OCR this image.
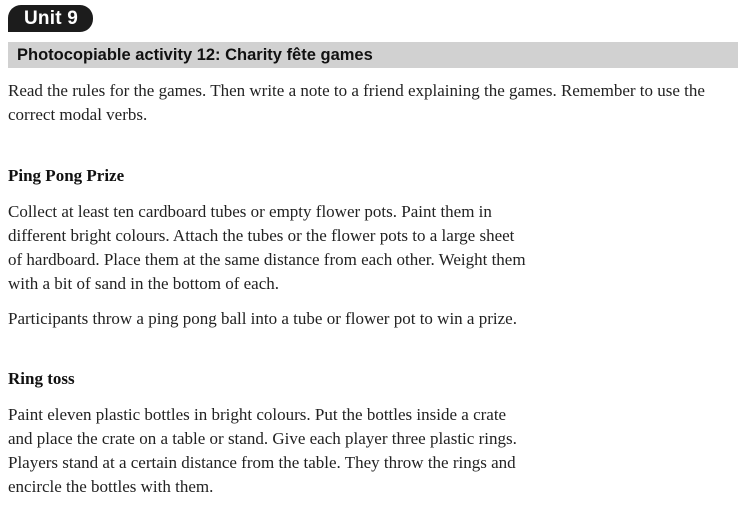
Unit 9
Photocopiable activity 12: Charity fête games

Read the rules for the games. Then write a note to a friend explaining the games. Remember to use the correct modal verbs.

Ping Pong Prize

Collect at least ten cardboard tubes or empty flower pots. Paint them in different bright colours. Attach the tubes or the flower pots to a large sheet of hardboard. Place them at the same distance from each other. Weight them with a bit of sand in the bottom of each.

Participants throw a ping pong ball into a tube or flower pot to win a prize.

Ring toss

Paint eleven plastic bottles in bright colours. Put the bottles inside a crate and place the crate on a table or stand. Give each player three plastic rings. Players stand at a certain distance from the table. They throw the rings and encircle the bottles with them.
